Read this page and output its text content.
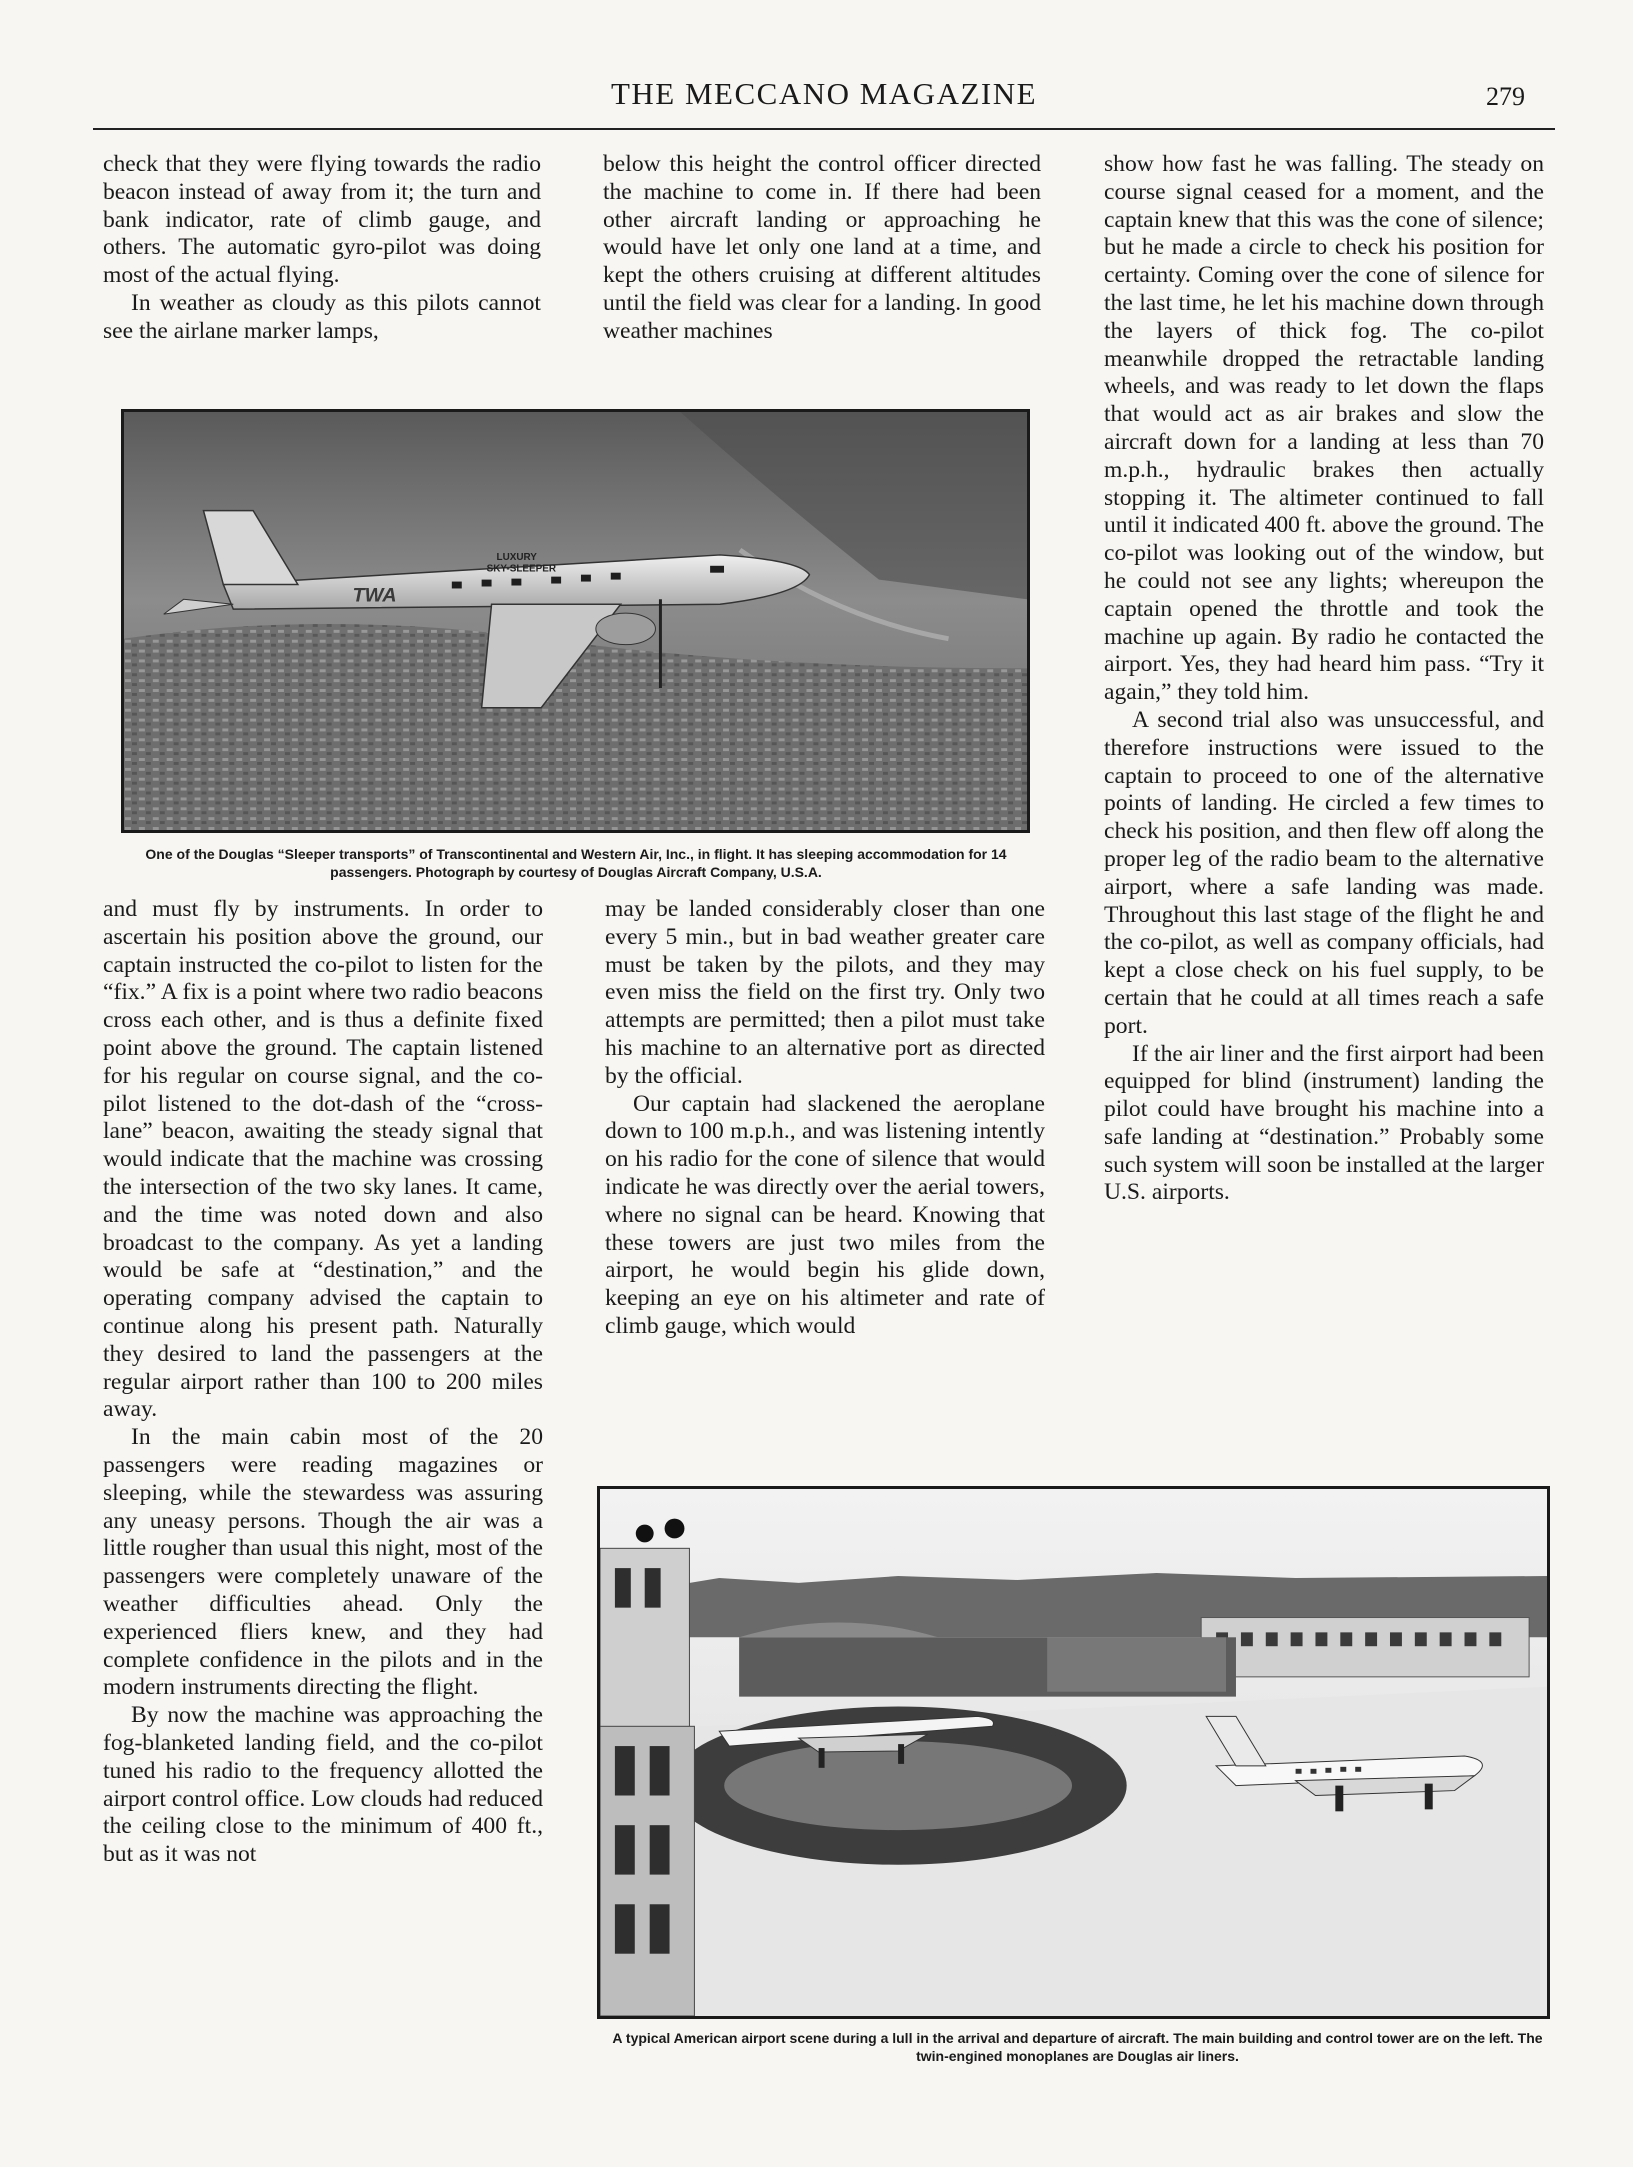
THE MECCANO MAGAZINE	279

check that they were flying towards the radio beacon instead of away from it; the turn and bank indicator, rate of climb gauge, and others. The automatic gyro-pilot was doing most of the actual flying.

In weather as cloudy as this pilots cannot see the airlane marker lamps,

below this height the control officer directed the machine to come in. If there had been other aircraft landing or approaching he would have let only one land at a time, and kept the others cruising at different altitudes until the field was clear for a landing. In good weather machines

show how fast he was falling. The steady on course signal ceased for a moment, and the captain knew that this was the cone of silence; but he made a circle to check his position for certainty. Coming over the cone of silence for the last time, he let his machine down through the layers of thick fog. The co-pilot meanwhile dropped the retractable landing wheels, and was ready to let down the flaps that would act as air brakes and slow the aircraft down for a landing at less than 70 m.p.h., hydraulic brakes then actually stopping it. The altimeter continued to fall until it indicated 400 ft. above the ground. The co-pilot was looking out of the window, but he could not see any lights; whereupon the captain opened the throttle and took the machine up again. By radio he contacted the airport. Yes, they had heard him pass. “Try it again,” they told him.

A second trial also was unsuccessful, and therefore instructions were issued to the captain to proceed to one of the alternative points of landing. He circled a few times to check his position, and then flew off along the proper leg of the radio beam to the alternative airport, where a safe landing was made. Throughout this last stage of the flight he and the co-pilot, as well as company officials, had kept a close check on his fuel supply, to be certain that he could at all times reach a safe port.

If the air liner and the first airport had been equipped for blind (instrument) landing the pilot could have brought his machine into a safe landing at “destination.” Probably some such system will soon be installed at the larger U.S. airports.

LUXURY
SKY-SLEEPER
TWA
One of the Douglas “Sleeper transports” of Transcontinental and Western Air, Inc., in flight. It has sleeping accommodation for 14 passengers. Photograph by courtesy of Douglas Aircraft Company, U.S.A.

and must fly by instruments. In order to ascertain his position above the ground, our captain instructed the co-pilot to listen for the “fix.” A fix is a point where two radio beacons cross each other, and is thus a definite fixed point above the ground. The captain listened for his regular on course signal, and the co-pilot listened to the dot-dash of the “cross-lane” beacon, awaiting the steady signal that would indicate that the machine was crossing the intersection of the two sky lanes. It came, and the time was noted down and also broadcast to the company. As yet a landing would be safe at “destination,” and the operating company advised the captain to continue along his present path. Naturally they desired to land the passengers at the regular airport rather than 100 to 200 miles away.

In the main cabin most of the 20 passengers were reading magazines or sleeping, while the stewardess was assuring any uneasy persons. Though the air was a little rougher than usual this night, most of the passengers were completely unaware of the weather difficulties ahead. Only the experienced fliers knew, and they had complete confidence in the pilots and in the modern instruments directing the flight.

By now the machine was approaching the fog-blanketed landing field, and the co-pilot tuned his radio to the frequency allotted the airport control office. Low clouds had reduced the ceiling close to the minimum of 400 ft., but as it was not

may be landed considerably closer than one every 5 min., but in bad weather greater care must be taken by the pilots, and they may even miss the field on the first try. Only two attempts are permitted; then a pilot must take his machine to an alternative port as directed by the official.

Our captain had slackened the aeroplane down to 100 m.p.h., and was listening intently on his radio for the cone of silence that would indicate he was directly over the aerial towers, where no signal can be heard. Knowing that these towers are just two miles from the airport, he would begin his glide down, keeping an eye on his altimeter and rate of climb gauge, which would

A typical American airport scene during a lull in the arrival and departure of aircraft. The main building and control tower are on the left. The twin-engined monoplanes are Douglas air liners.
